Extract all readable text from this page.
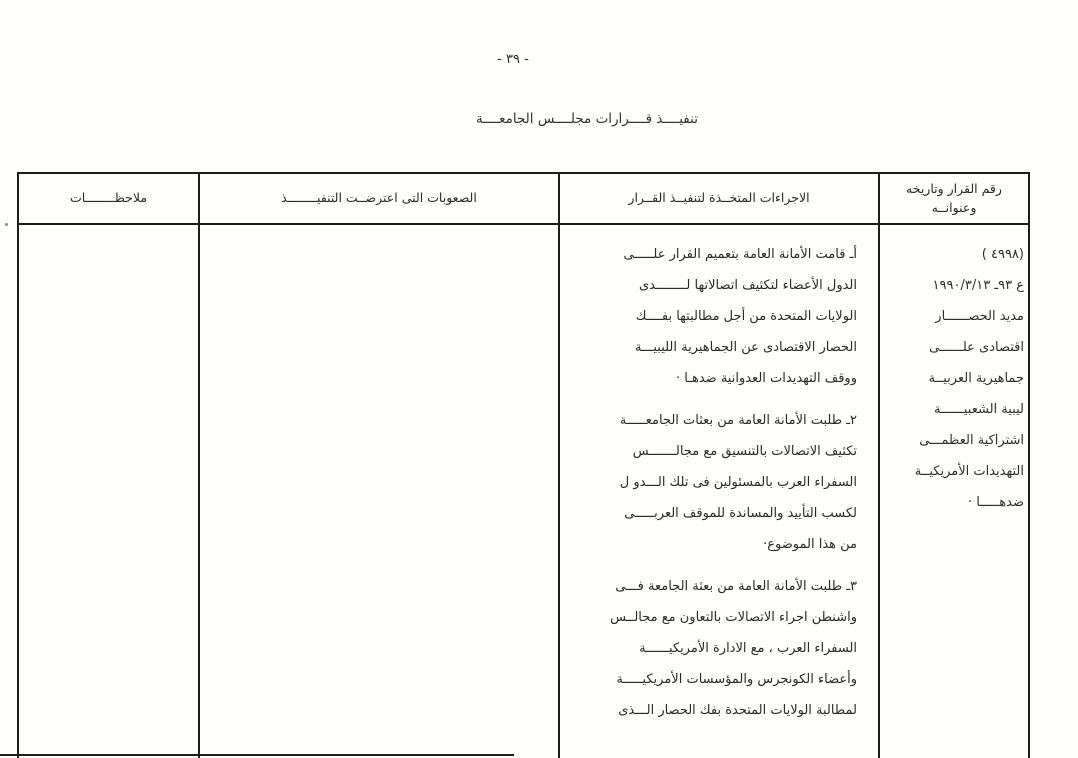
- ٣٩ -
تنفيــــذ قــــرارات مجلــــس الجامعــــة
رقم القرار وتاريخه
وعنوانــه
الاجراءات المتخــذة لتنفيــذ القــرار
الصعوبات التى اعترضــت التنفيــــــــذ
ملاحظــــــــات
(٤٩٩٨ )
ع ٩٣ـ ١٩٩٠/٣/١٣
مديد الحصــــــار
اقتصادى علــــــى
جماهيرية العربيــة
ليبية الشعبيــــــة
اشتراكية العظمـــى
التهديدات الأمريكيــة
ضدهـــــا ·
أـ قامت الأمانة العامة بتعميم القرار علـــــى
الدول الأعضاء لتكثيف اتصالاتها لــــــــدى
الولايات المتحدة من أجل مطالبتها بفــــك
الحصار الاقتصادى عن الجماهيرية الليبيـــة
ووقف التهديدات العدوانية ضدهـا ·
٢ـ طلبت الأمانة العامة من بعثات الجامعـــــة
تكثيف الاتصالات بالتنسيق مع مجالـــــــس
السفراء العرب بالمسئولين فى تلك الـــدو ل
لكسب التأييد والمساندة للموقف العربـــــى
من هذا الموضوع·
٣ـ طلبت الأمانة العامة من بعثة الجامعة فـــى
واشنطن اجراء الاتصالات بالتعاون مع مجالــس
السفراء العرب ، مع الادارة الأمريكيــــــة
وأعضاء الكونجرس والمؤسسات الأمريكيـــــة
لمطالبة الولايات المتحدة بفك الحصار الـــذى
